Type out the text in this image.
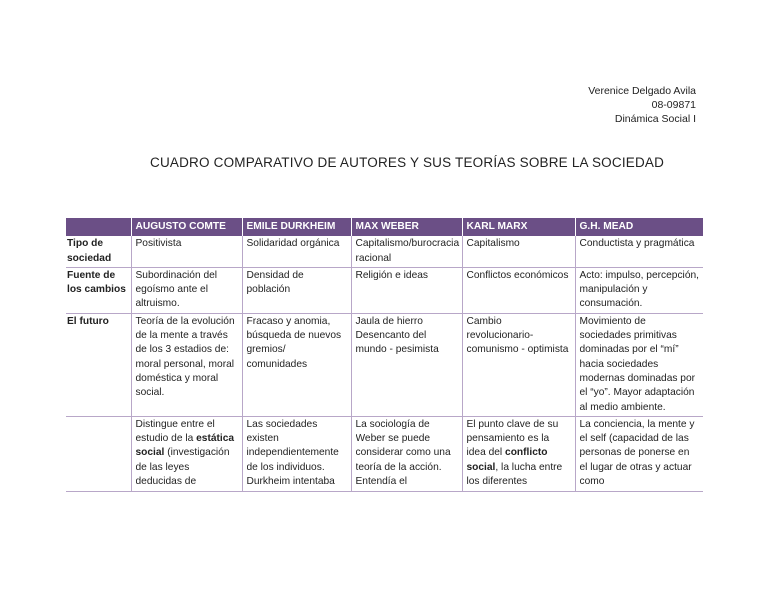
Verenice Delgado Avila
08-09871
Dinámica Social I
CUADRO COMPARATIVO DE AUTORES Y SUS TEORÍAS SOBRE LA SOCIEDAD
	AUGUSTO COMTE	EMILE DURKHEIM	MAX WEBER	KARL MARX	G.H. MEAD
Tipo de sociedad	Positivista	Solidaridad orgánica	Capitalismo/burocracia racional	Capitalismo	Conductista y pragmática
Fuente de los cambios	Subordinación del egoísmo ante el altruismo.	Densidad de población	Religión e ideas	Conflictos económicos	Acto: impulso, percepción, manipulación y consumación.
El futuro	Teoría de la evolución de la mente a través de los 3 estadios de: moral personal, moral doméstica y moral social.	Fracaso y anomia, búsqueda de nuevos gremios/ comunidades	Jaula de hierro Desencanto del mundo - pesimista	Cambio revolucionario-comunismo - optimista	Movimiento de sociedades primitivas dominadas por el “mí” hacia sociedades modernas dominadas por el “yo”. Mayor adaptación al medio ambiente.

	Distingue entre el estudio de la estática social (investigación de las leyes deducidas de	Las sociedades existen independientemente de los individuos. Durkheim intentaba	La sociología de Weber se puede considerar como una teoría de la acción. Entendía el	El punto clave de su pensamiento es la idea del conflicto social, la lucha entre los diferentes	La conciencia, la mente y el self (capacidad de las personas de ponerse en el lugar de otras y actuar como
